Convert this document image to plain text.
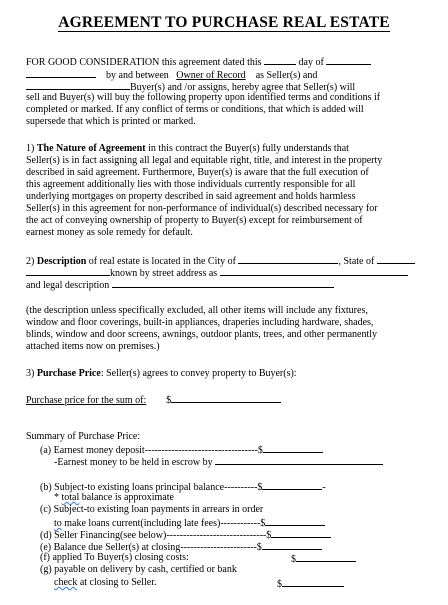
AGREEMENT TO PURCHASE REAL ESTATE
FOR GOOD CONSIDERATION this agreement dated this	day of
by and between Owner of Record as Seller(s) and
Buyer(s) and /or assigns, hereby agree that Seller(s) will
sell and Buyer(s) will buy the following property upon identified terms and conditions if
completed or marked. If any conflict of terms or conditions, that which is added will
supersede that which is printed or marked.
1) The Nature of Agreement in this contract the Buyer(s) fully understands that
Seller(s) is in fact assigning all legal and equitable right, title, and interest in the property
described in said agreement. Furthermore, Buyer(s) is aware that the full execution of
this agreement additionally lies with those individuals currently responsible for all
underlying mortgages on property described in said agreement and holds harmless
Seller(s) in this agreement for non-performance of individual(s) described necessary for
the act of conveying ownership of property to Buyer(s) except for reimbursement of
earnest money as sole remedy for default.
2) Description of real estate is located in the City of	, State of
known by street address as
and legal description
(the description unless specifically excluded, all other items will include any fixtures,
window and floor coverings, built-in appliances, draperies including hardware, shades,
blinds, window and door screens, awnings, outdoor plants, trees, and other permanently
attached items now on premises.)
3) Purchase Price: Seller(s) agrees to convey property to Buyer(s):
Purchase price for the sum of: $
Summary of Purchase Price:
(a) Earnest money deposit----------------------------------$
-Earnest money to be held in escrow by
(b) Subject-to existing loans principal balance----------$	-
* total balance is approximate
(c) Subject-to existing loan payments in arrears in order
to make loans current(including late fees)------------$
(d) Seller Financing(see below)------------------------------$
(e) Balance due Seller(s) at closing-----------------------$
(f) applied To Buyer(s) closing costs:	$
(g) payable on delivery by cash, certified or bank
check at closing to Seller.	$
